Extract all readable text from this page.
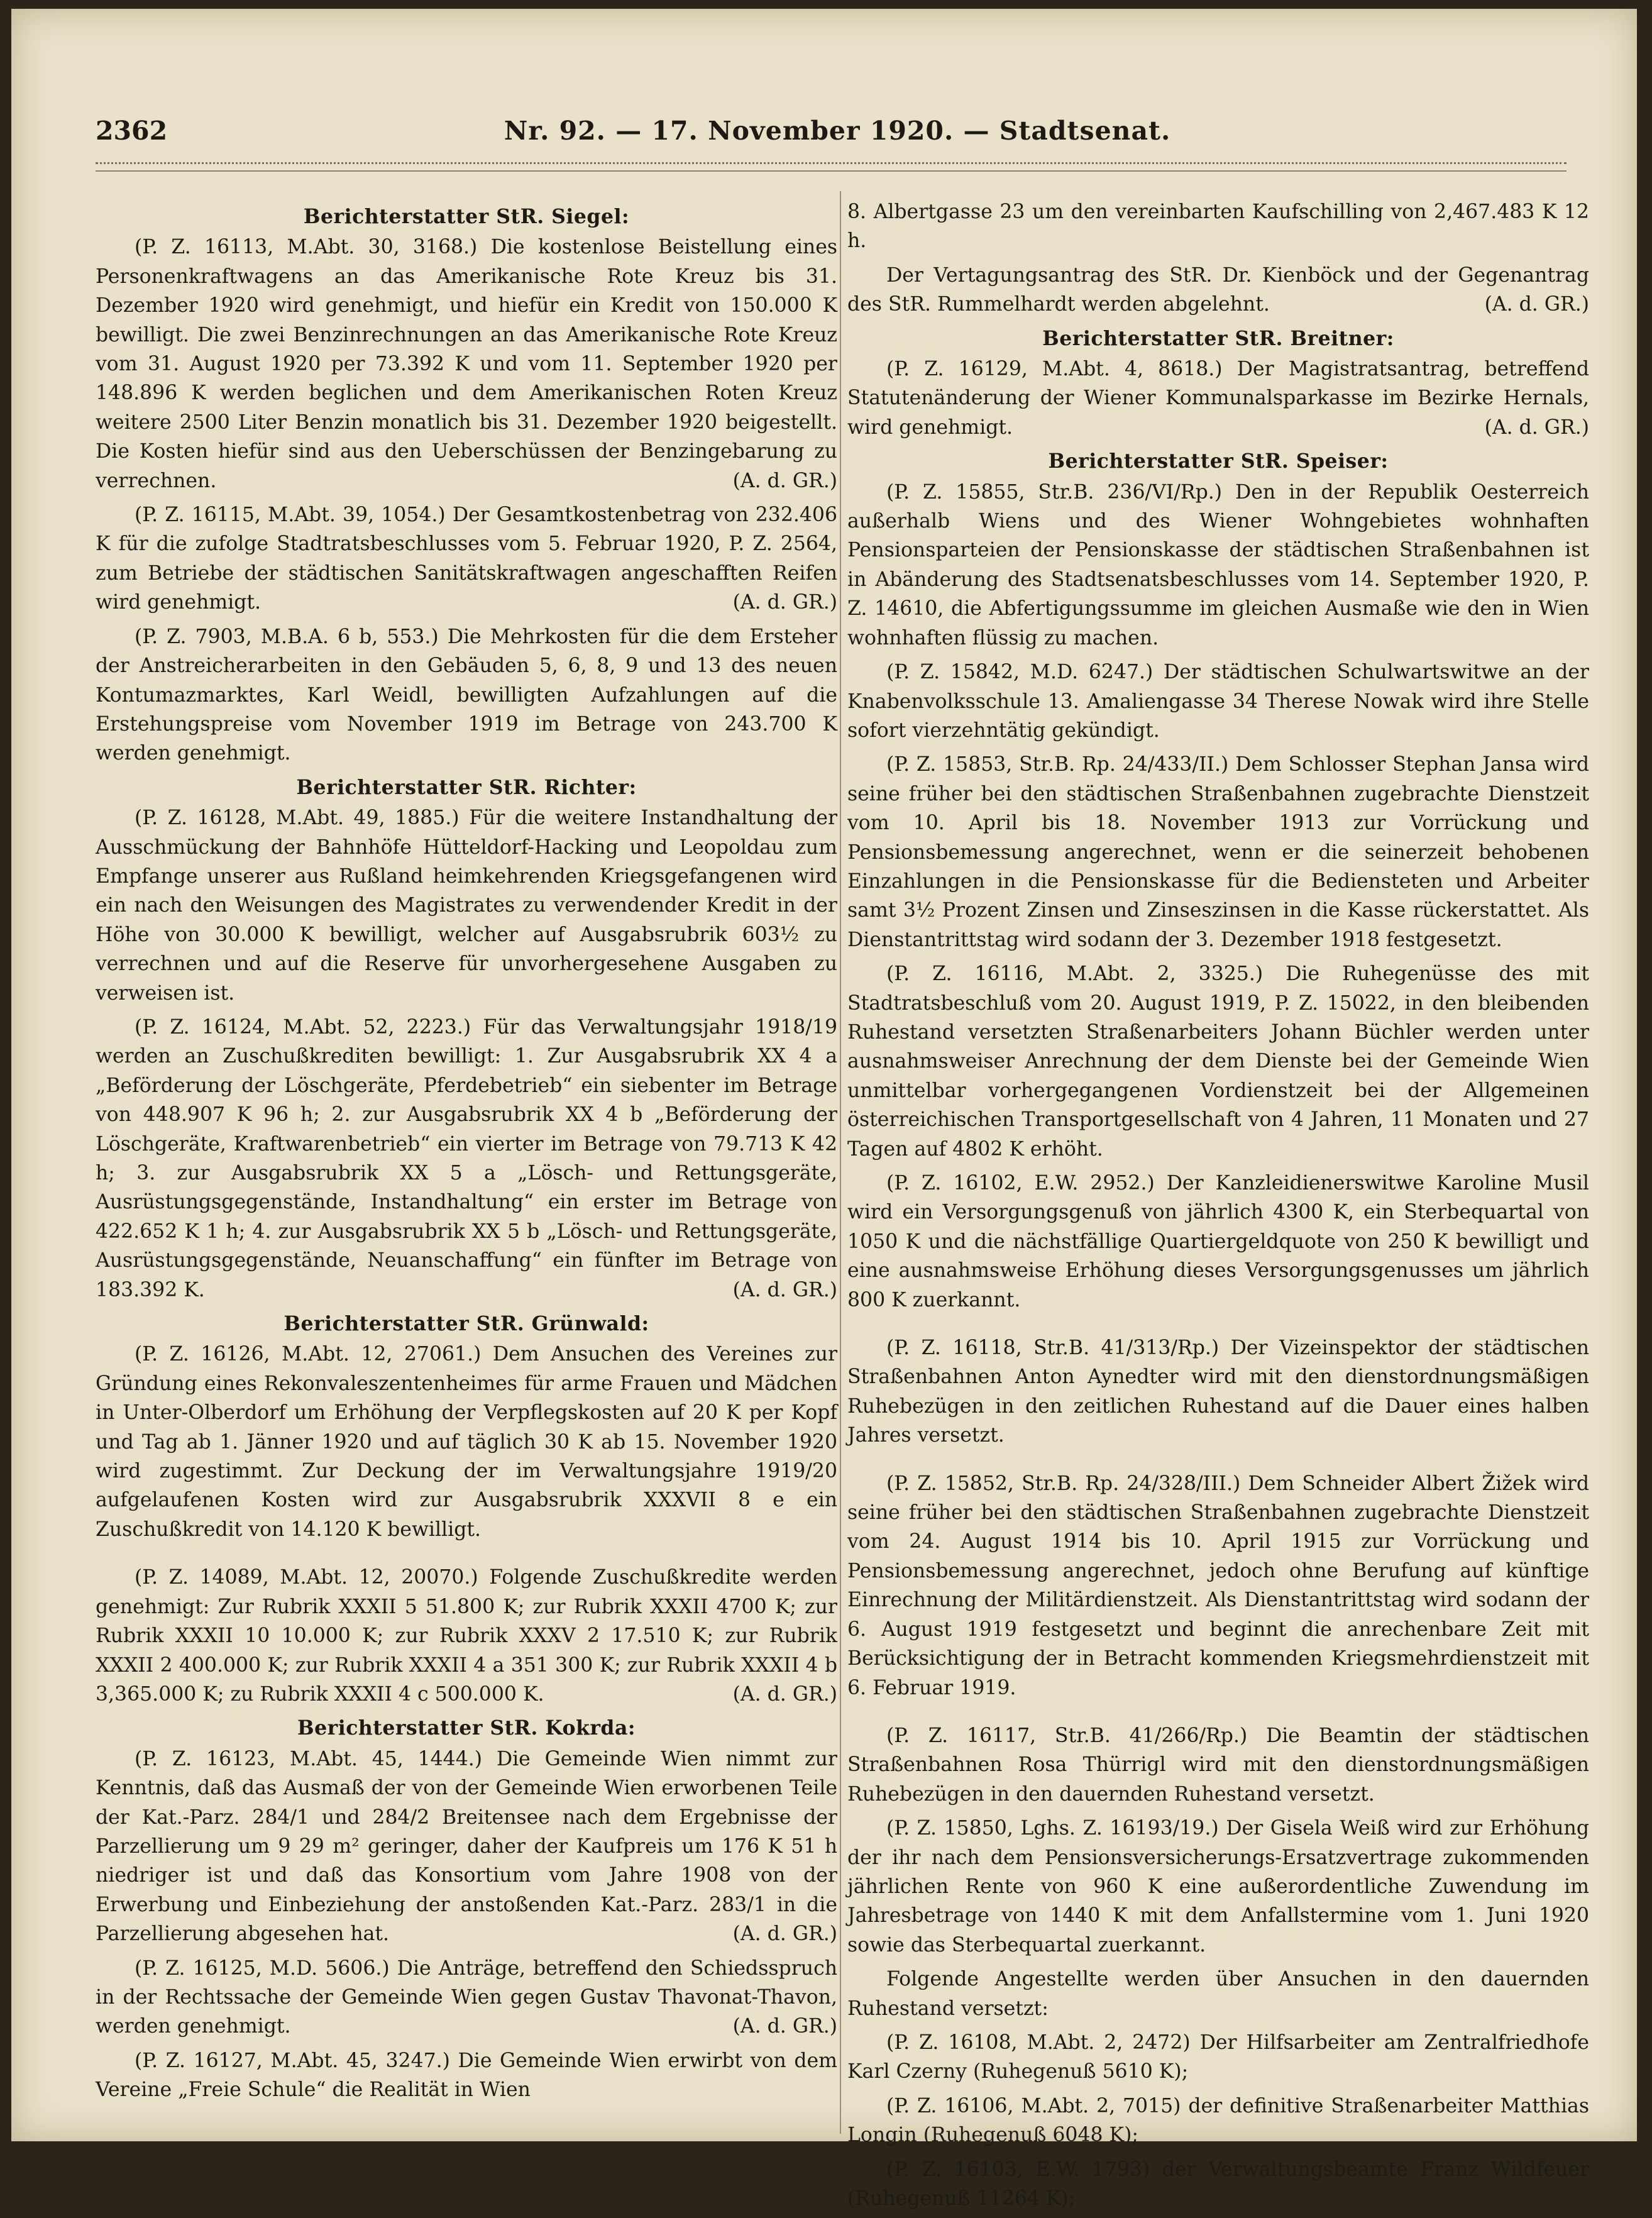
2362	Nr. 92. — 17. November 1920. — Stadtsenat.
Berichterstatter StR. Siegel:
(P. Z. 16113, M.Abt. 30, 3168.) Die kostenlose Beistellung eines Personenkraftwagens an das Amerikanische Rote Kreuz bis 31. Dezember 1920 wird genehmigt, und hiefür ein Kredit von 150.000 K bewilligt. Die zwei Benzinrechnungen an das Amerikanische Rote Kreuz vom 31. August 1920 per 73.392 K und vom 11. September 1920 per 148.896 K werden beglichen und dem Amerikanischen Roten Kreuz weitere 2500 Liter Benzin monatlich bis 31. Dezember 1920 beigestellt. Die Kosten hiefür sind aus den Ueberschüssen der Benzingebarung zu verrechnen.	(A. d. GR.)
(P. Z. 16115, M.Abt. 39, 1054.) Der Gesamtkostenbetrag von 232.406 K für die zufolge Stadtratsbeschlusses vom 5. Februar 1920, P. Z. 2564, zum Betriebe der städtischen Sanitätskraftwagen angeschafften Reifen wird genehmigt.	(A. d. GR.)
(P. Z. 7903, M.B.A. 6 b, 553.) Die Mehrkosten für die dem Ersteher der Anstreicherarbeiten in den Gebäuden 5, 6, 8, 9 und 13 des neuen Kontumazmarktes, Karl Weidl, bewilligten Aufzahlungen auf die Erstehungspreise vom November 1919 im Betrage von 243.700 K werden genehmigt.
Berichterstatter StR. Richter:
(P. Z. 16128, M.Abt. 49, 1885.) Für die weitere Instandhaltung der Ausschmückung der Bahnhöfe Hütteldorf-Hacking und Leopoldau zum Empfange unserer aus Rußland heimkehrenden Kriegsgefangenen wird ein nach den Weisungen des Magistrates zu verwendender Kredit in der Höhe von 30.000 K bewilligt, welcher auf Ausgabsrubrik 603½ zu verrechnen und auf die Reserve für unvorhergesehene Ausgaben zu verweisen ist.
(P. Z. 16124, M.Abt. 52, 2223.) Für das Verwaltungsjahr 1918/19 werden an Zuschußkrediten bewilligt: 1. Zur Ausgabsrubrik XX 4 a „Beförderung der Löschgeräte, Pferdebetrieb“ ein siebenter im Betrage von 448.907 K 96 h; 2. zur Ausgabsrubrik XX 4 b „Beförderung der Löschgeräte, Kraftwarenbetrieb“ ein vierter im Betrage von 79.713 K 42 h; 3. zur Ausgabsrubrik XX 5 a „Lösch- und Rettungsgeräte, Ausrüstungsgegenstände, Instandhaltung“ ein erster im Betrage von 422.652 K 1 h; 4. zur Ausgabsrubrik XX 5 b „Lösch- und Rettungsgeräte, Ausrüstungsgegenstände, Neuanschaffung“ ein fünfter im Betrage von 183.392 K.	(A. d. GR.)
Berichterstatter StR. Grünwald:
(P. Z. 16126, M.Abt. 12, 27061.) Dem Ansuchen des Vereines zur Gründung eines Rekonvaleszentenheimes für arme Frauen und Mädchen in Unter-Olberdorf um Erhöhung der Verpflegskosten auf 20 K per Kopf und Tag ab 1. Jänner 1920 und auf täglich 30 K ab 15. November 1920 wird zugestimmt. Zur Deckung der im Verwaltungsjahre 1919/20 aufgelaufenen Kosten wird zur Ausgabsrubrik XXXVII 8 e ein Zuschußkredit von 14.120 K bewilligt.
(P. Z. 14089, M.Abt. 12, 20070.) Folgende Zuschußkredite werden genehmigt: Zur Rubrik XXXII 5 51.800 K; zur Rubrik XXXII 4700 K; zur Rubrik XXXII 10 10.000 K; zur Rubrik XXXV 2 17.510 K; zur Rubrik XXXII 2 400.000 K; zur Rubrik XXXII 4 a 351 300 K; zur Rubrik XXXII 4 b 3,365.000 K; zu Rubrik XXXII 4 c 500.000 K.	(A. d. GR.)
Berichterstatter StR. Kokrda:
(P. Z. 16123, M.Abt. 45, 1444.) Die Gemeinde Wien nimmt zur Kenntnis, daß das Ausmaß der von der Gemeinde Wien erworbenen Teile der Kat.-Parz. 284/1 und 284/2 Breitensee nach dem Ergebnisse der Parzellierung um 9 29 m² geringer, daher der Kaufpreis um 176 K 51 h niedriger ist und daß das Konsortium vom Jahre 1908 von der Erwerbung und Einbeziehung der anstoßenden Kat.-Parz. 283/1 in die Parzellierung abgesehen hat.	(A. d. GR.)
(P. Z. 16125, M.D. 5606.) Die Anträge, betreffend den Schiedsspruch in der Rechtssache der Gemeinde Wien gegen Gustav Thavonat-Thavon, werden genehmigt.	(A. d. GR.)
(P. Z. 16127, M.Abt. 45, 3247.) Die Gemeinde Wien erwirbt von dem Vereine „Freie Schule“ die Realität in Wien
8. Albertgasse 23 um den vereinbarten Kaufschilling von 2,467.483 K 12 h.
Der Vertagungsantrag des StR. Dr. Kienböck und der Gegenantrag des StR. Rummelhardt werden abgelehnt.	(A. d. GR.)
Berichterstatter StR. Breitner:
(P. Z. 16129, M.Abt. 4, 8618.) Der Magistratsantrag, betreffend Statutenänderung der Wiener Kommunalsparkasse im Bezirke Hernals, wird genehmigt.	(A. d. GR.)
Berichterstatter StR. Speiser:
(P. Z. 15855, Str.B. 236/VI/Rp.) Den in der Republik Oesterreich außerhalb Wiens und des Wiener Wohngebietes wohnhaften Pensionsparteien der Pensionskasse der städtischen Straßenbahnen ist in Abänderung des Stadtsenatsbeschlusses vom 14. September 1920, P. Z. 14610, die Abfertigungssumme im gleichen Ausmaße wie den in Wien wohnhaften flüssig zu machen.
(P. Z. 15842, M.D. 6247.) Der städtischen Schulwartswitwe an der Knabenvolksschule 13. Amaliengasse 34 Therese Nowak wird ihre Stelle sofort vierzehntätig gekündigt.
(P. Z. 15853, Str.B. Rp. 24/433/II.) Dem Schlosser Stephan Jansa wird seine früher bei den städtischen Straßenbahnen zugebrachte Dienstzeit vom 10. April bis 18. November 1913 zur Vorrückung und Pensionsbemessung angerechnet, wenn er die seinerzeit behobenen Einzahlungen in die Pensionskasse für die Bediensteten und Arbeiter samt 3½ Prozent Zinsen und Zinseszinsen in die Kasse rückerstattet. Als Dienstantrittstag wird sodann der 3. Dezember 1918 festgesetzt.
(P. Z. 16116, M.Abt. 2, 3325.) Die Ruhegenüsse des mit Stadtratsbeschluß vom 20. August 1919, P. Z. 15022, in den bleibenden Ruhestand versetzten Straßenarbeiters Johann Büchler werden unter ausnahmsweiser Anrechnung der dem Dienste bei der Gemeinde Wien unmittelbar vorhergegangenen Vordienstzeit bei der Allgemeinen österreichischen Transportgesellschaft von 4 Jahren, 11 Monaten und 27 Tagen auf 4802 K erhöht.
(P. Z. 16102, E.W. 2952.) Der Kanzleidienerswitwe Karoline Musil wird ein Versorgungsgenuß von jährlich 4300 K, ein Sterbequartal von 1050 K und die nächstfällige Quartiergeldquote von 250 K bewilligt und eine ausnahmsweise Erhöhung dieses Versorgungsgenusses um jährlich 800 K zuerkannt.
(P. Z. 16118, Str.B. 41/313/Rp.) Der Vizeinspektor der städtischen Straßenbahnen Anton Aynedter wird mit den dienstordnungsmäßigen Ruhebezügen in den zeitlichen Ruhestand auf die Dauer eines halben Jahres versetzt.
(P. Z. 15852, Str.B. Rp. 24/328/III.) Dem Schneider Albert Žižek wird seine früher bei den städtischen Straßenbahnen zugebrachte Dienstzeit vom 24. August 1914 bis 10. April 1915 zur Vorrückung und Pensionsbemessung angerechnet, jedoch ohne Berufung auf künftige Einrechnung der Militärdienstzeit. Als Dienstantrittstag wird sodann der 6. August 1919 festgesetzt und beginnt die anrechenbare Zeit mit Berücksichtigung der in Betracht kommenden Kriegsmehrdienstzeit mit 6. Februar 1919.
(P. Z. 16117, Str.B. 41/266/Rp.) Die Beamtin der städtischen Straßenbahnen Rosa Thürrigl wird mit den dienstordnungsmäßigen Ruhebezügen in den dauernden Ruhestand versetzt.
(P. Z. 15850, Lghs. Z. 16193/19.) Der Gisela Weiß wird zur Erhöhung der ihr nach dem Pensionsversicherungs-Ersatzvertrage zukommenden jährlichen Rente von 960 K eine außerordentliche Zuwendung im Jahresbetrage von 1440 K mit dem Anfallstermine vom 1. Juni 1920 sowie das Sterbequartal zuerkannt.
Folgende Angestellte werden über Ansuchen in den dauernden Ruhestand versetzt:
(P. Z. 16108, M.Abt. 2, 2472) Der Hilfsarbeiter am Zentralfriedhofe Karl Czerny (Ruhegenuß 5610 K);
(P. Z. 16106, M.Abt. 2, 7015) der definitive Straßenarbeiter Matthias Longin (Ruhegenuß 6048 K);
(P. Z. 16103, E.W. 1793) der Verwaltungsbeamte Franz Wildfeuer (Ruhegenuß 11264 K);
